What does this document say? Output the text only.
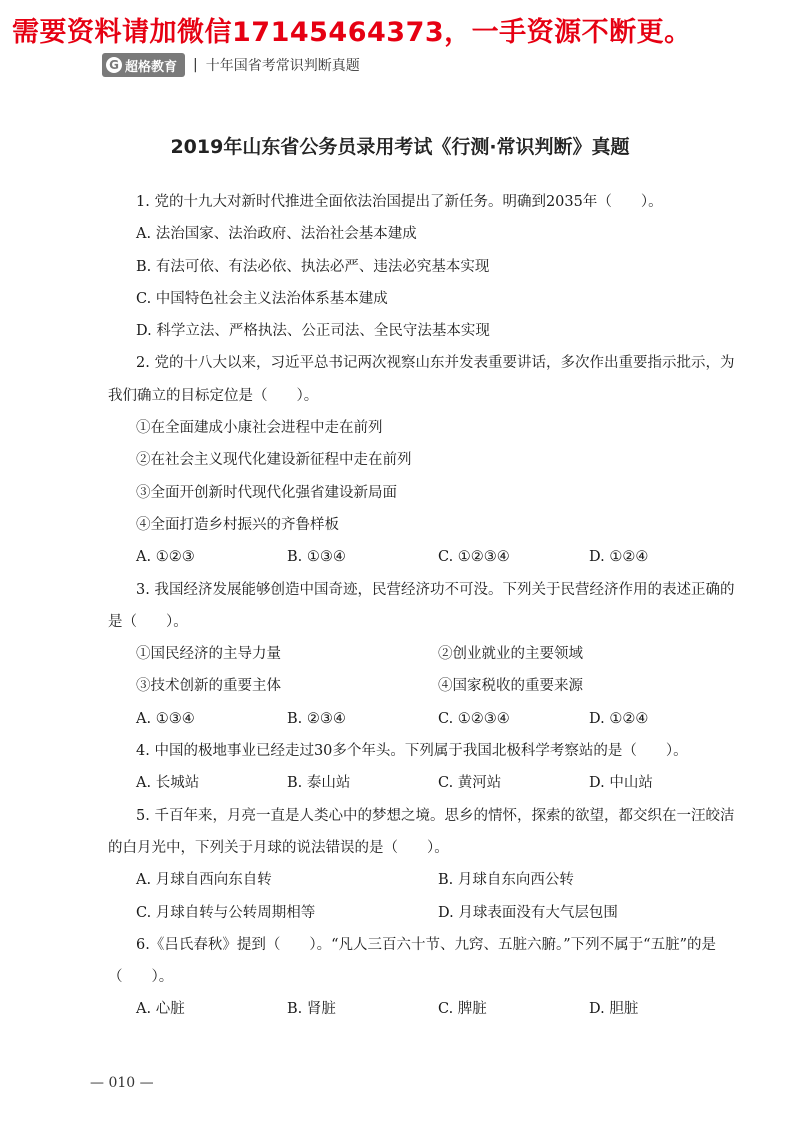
需要资料请加微信17145464373，一手资源不断更。
G 超格教育 | 十年国省考常识判断真题
2019年山东省公务员录用考试《行测·常识判断》真题
1. 党的十九大对新时代推进全面依法治国提出了新任务。明确到2035年（　　）。
A. 法治国家、法治政府、法治社会基本建成
B. 有法可依、有法必依、执法必严、违法必究基本实现
C. 中国特色社会主义法治体系基本建成
D. 科学立法、严格执法、公正司法、全民守法基本实现
2. 党的十八大以来，习近平总书记两次视察山东并发表重要讲话，多次作出重要指示批示，为我们确立的目标定位是（　　）。
①在全面建成小康社会进程中走在前列
②在社会主义现代化建设新征程中走在前列
③全面开创新时代现代化强省建设新局面
④全面打造乡村振兴的齐鲁样板
A. ①②③	B. ①③④	C. ①②③④	D. ①②④
3. 我国经济发展能够创造中国奇迹，民营经济功不可没。下列关于民营经济作用的表述正确的是（　　）。
①国民经济的主导力量	②创业就业的主要领域
③技术创新的重要主体	④国家税收的重要来源
A. ①③④	B. ②③④	C. ①②③④	D. ①②④
4. 中国的极地事业已经走过30多个年头。下列属于我国北极科学考察站的是（　　）。
A. 长城站	B. 泰山站	C. 黄河站	D. 中山站
5. 千百年来，月亮一直是人类心中的梦想之境。思乡的情怀，探索的欲望，都交织在一汪皎洁的白月光中，下列关于月球的说法错误的是（　　）。
A. 月球自西向东自转	B. 月球自东向西公转
C. 月球自转与公转周期相等	D. 月球表面没有大气层包围
6.《吕氏春秋》提到（　　）。“凡人三百六十节、九窍、五脏六腑。”下列不属于“五脏”的是（　　）。
A. 心脏	B. 肾脏	C. 脾脏	D. 胆脏
— 010 —
